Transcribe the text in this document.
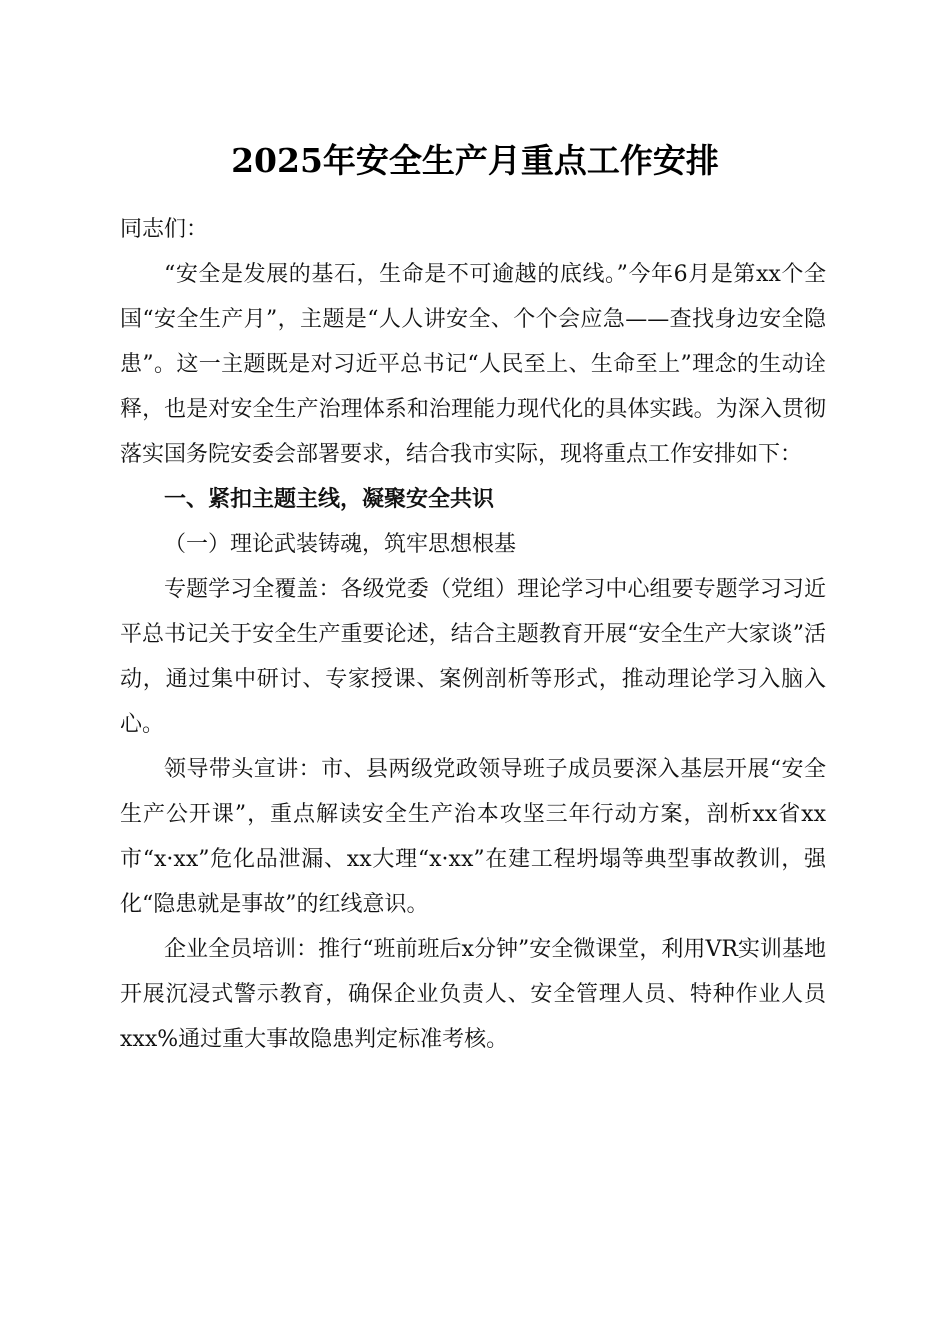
2025年安全生产月重点工作安排

同志们：

“安全是发展的基石，生命是不可逾越的底线。”今年6月是第xx个全国“安全生产月”，主题是“人人讲安全、个个会应急——查找身边安全隐患”。这一主题既是对习近平总书记“人民至上、生命至上”理念的生动诠释，也是对安全生产治理体系和治理能力现代化的具体实践。为深入贯彻落实国务院安委会部署要求，结合我市实际，现将重点工作安排如下：

一、紧扣主题主线，凝聚安全共识

（一）理论武装铸魂，筑牢思想根基

专题学习全覆盖：各级党委（党组）理论学习中心组要专题学习习近平总书记关于安全生产重要论述，结合主题教育开展“安全生产大家谈”活动，通过集中研讨、专家授课、案例剖析等形式，推动理论学习入脑入心。

领导带头宣讲：市、县两级党政领导班子成员要深入基层开展“安全生产公开课”，重点解读安全生产治本攻坚三年行动方案，剖析xx省xx市“x·xx”危化品泄漏、xx大理“x·xx”在建工程坍塌等典型事故教训，强化“隐患就是事故”的红线意识。

企业全员培训：推行“班前班后x分钟”安全微课堂，利用VR实训基地开展沉浸式警示教育，确保企业负责人、安全管理人员、特种作业人员xxx%通过重大事故隐患判定标准考核。
